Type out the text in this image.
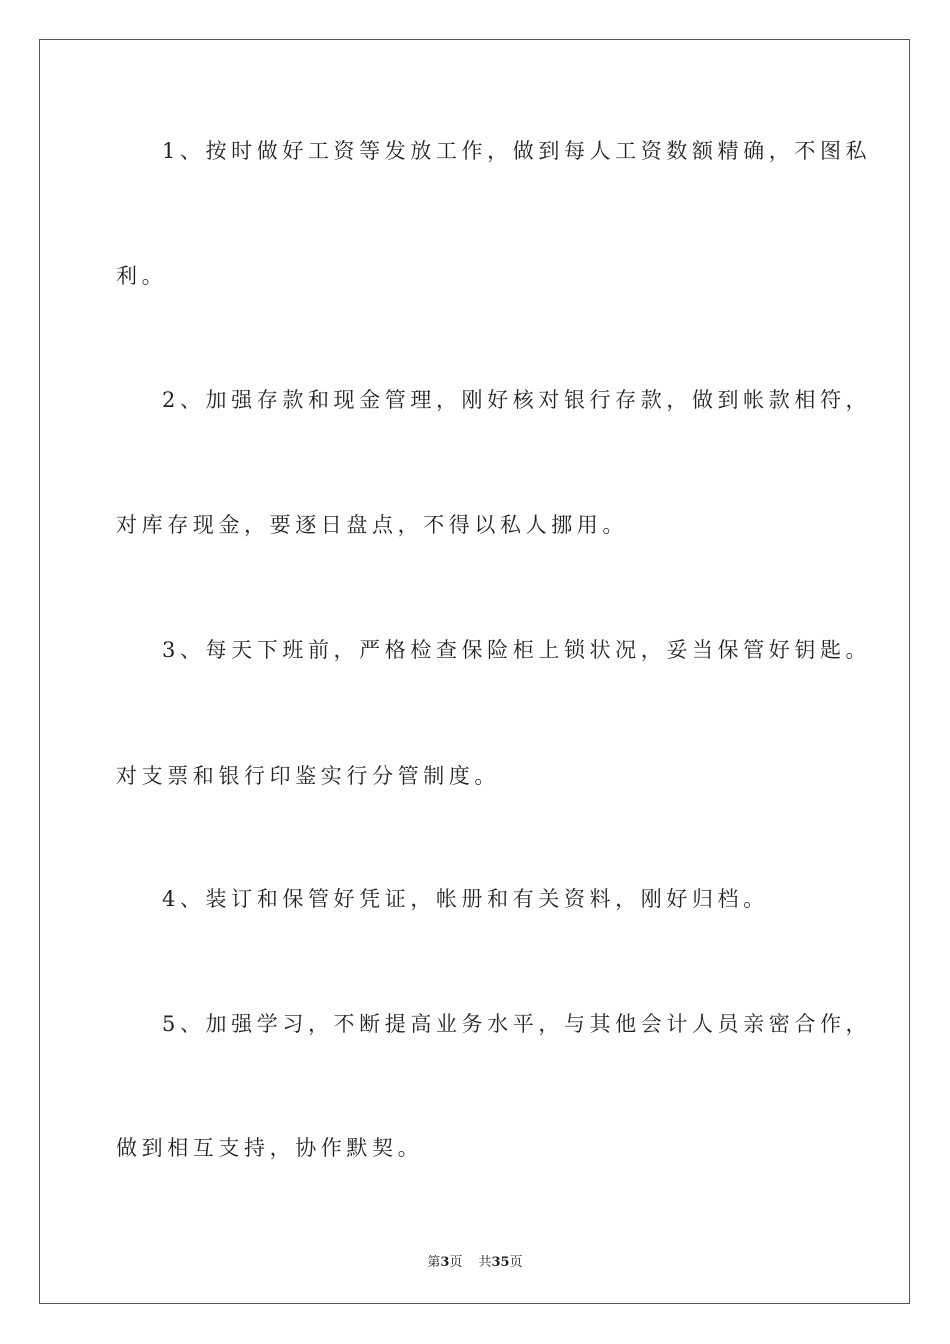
1、按时做好工资等发放工作，做到每人工资数额精确，不图私
利。
2、加强存款和现金管理，刚好核对银行存款，做到帐款相符，
对库存现金，要逐日盘点，不得以私人挪用。
3、每天下班前，严格检查保险柜上锁状况，妥当保管好钥匙。
对支票和银行印鉴实行分管制度。
4、装订和保管好凭证，帐册和有关资料，刚好归档。
5、加强学习，不断提高业务水平，与其他会计人员亲密合作，
做到相互支持，协作默契。
第3页 共35页
